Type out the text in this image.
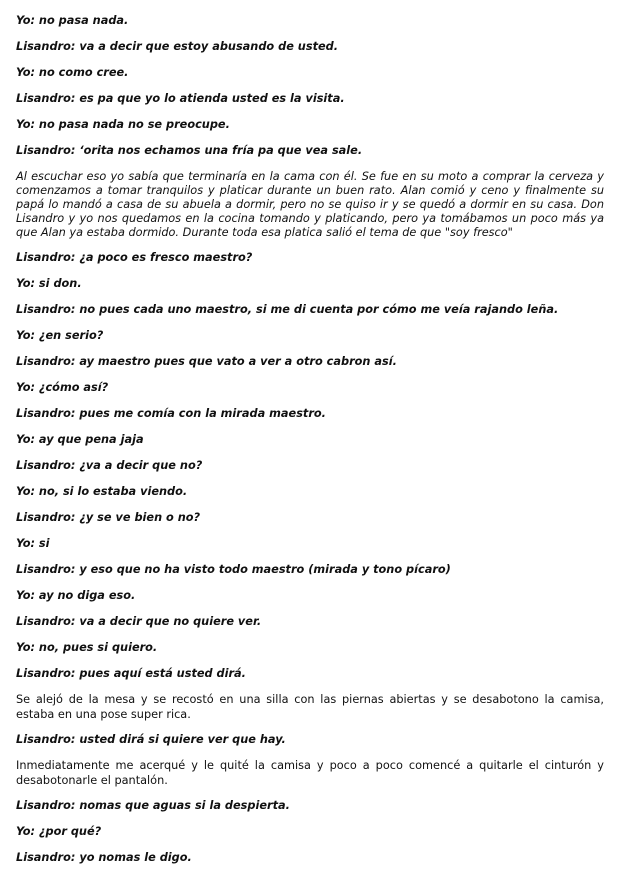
Yo: no pasa nada.

Lisandro: va a decir que estoy abusando de usted.

Yo: no como cree.

Lisandro: es pa que yo lo atienda usted es la visita.

Yo: no pasa nada no se preocupe.

Lisandro: ‘orita nos echamos una fría pa que vea sale.

Al escuchar eso yo sabía que terminaría en la cama con él. Se fue en su moto a comprar la cerveza y comenzamos a tomar tranquilos y platicar durante un buen rato. Alan comió y ceno y finalmente su papá lo mandó a casa de su abuela a dormir, pero no se quiso ir y se quedó a dormir en su casa. Don Lisandro y yo nos quedamos en la cocina tomando y platicando, pero ya tomábamos un poco más ya que Alan ya estaba dormido. Durante toda esa platica salió el tema de que "soy fresco"

Lisandro: ¿a poco es fresco maestro?

Yo: si don.

Lisandro: no pues cada uno maestro, si me di cuenta por cómo me veía rajando leña.

Yo: ¿en serio?

Lisandro: ay maestro pues que vato a ver a otro cabron así.

Yo: ¿cómo así?

Lisandro: pues me comía con la mirada maestro.

Yo: ay que pena jaja

Lisandro: ¿va a decir que no?

Yo: no, si lo estaba viendo.

Lisandro: ¿y se ve bien o no?

Yo: si

Lisandro: y eso que no ha visto todo maestro (mirada y tono pícaro)

Yo: ay no diga eso.

Lisandro: va a decir que no quiere ver.

Yo: no, pues si quiero.

Lisandro: pues aquí está usted dirá.

Se alejó de la mesa y se recostó en una silla con las piernas abiertas y se desabotono la camisa, estaba en una pose super rica.

Lisandro: usted dirá si quiere ver que hay.

Inmediatamente me acerqué y le quité la camisa y poco a poco comencé a quitarle el cinturón y desabotonarle el pantalón.

Lisandro: nomas que aguas si la despierta.

Yo: ¿por qué?

Lisandro: yo nomas le digo.
